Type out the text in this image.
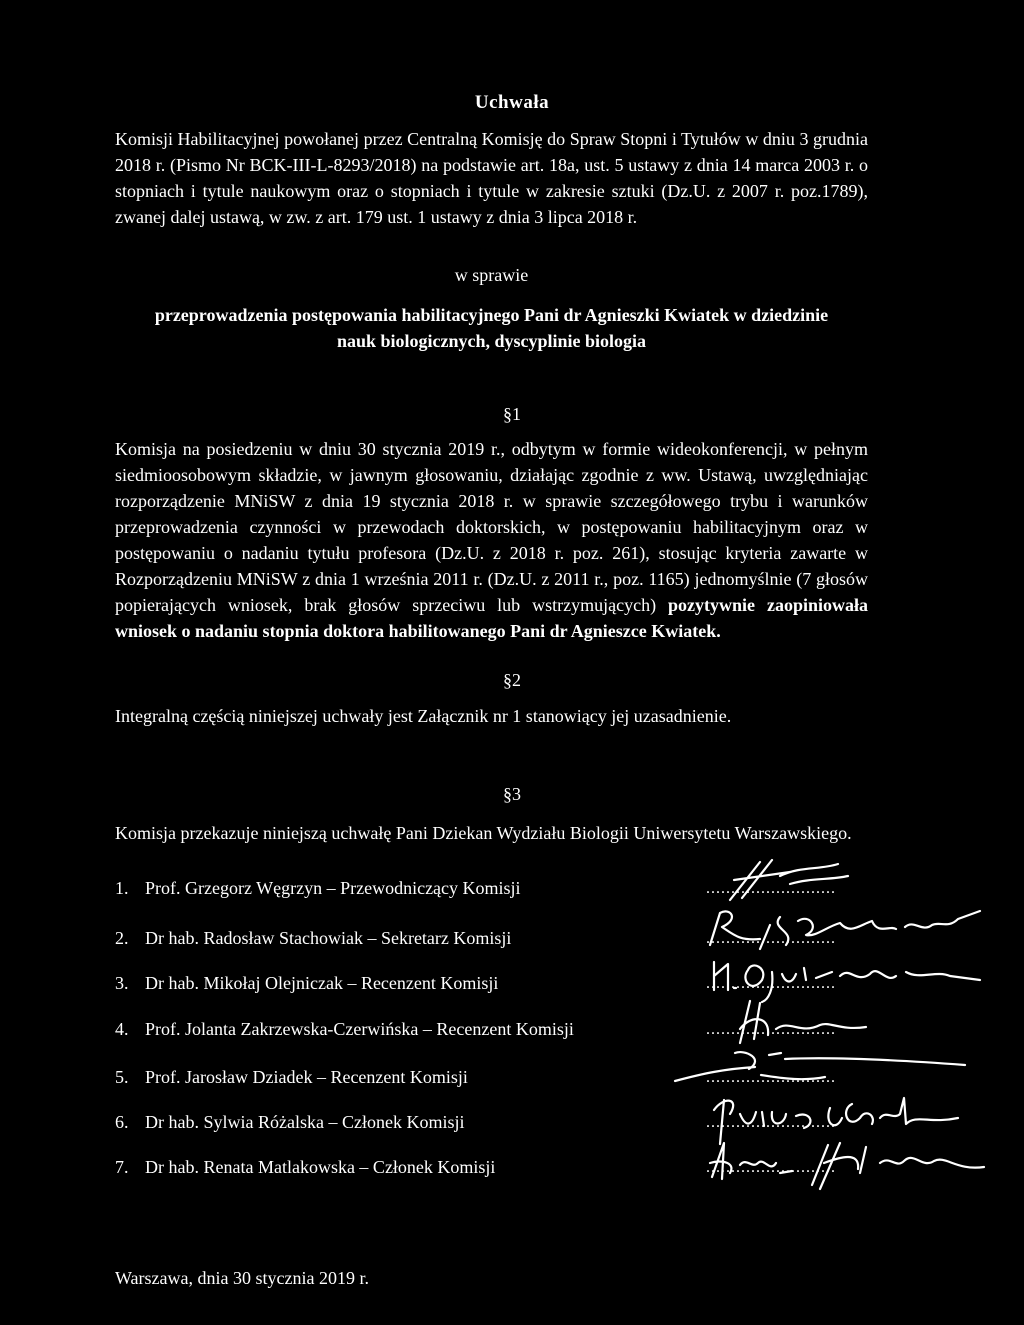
Uchwała
Komisji Habilitacyjnej powołanej przez Centralną Komisję do Spraw Stopni i Tytułów w dniu 3 grudnia 2018 r. (Pismo Nr BCK-III-L-8293/2018) na podstawie art. 18a, ust. 5 ustawy z dnia 14 marca 2003 r. o stopniach i tytule naukowym oraz o stopniach i tytule w zakresie sztuki (Dz.U. z 2007 r. poz.1789), zwanej dalej ustawą, w zw. z art. 179 ust. 1 ustawy z dnia 3 lipca 2018 r.
w sprawie
przeprowadzenia postępowania habilitacyjnego Pani dr Agnieszki Kwiatek w dziedzinie
nauk biologicznych, dyscyplinie biologia
§1
Komisja na posiedzeniu w dniu 30 stycznia 2019 r., odbytym w formie wideokonferencji, w pełnym siedmioosobowym składzie, w jawnym głosowaniu, działając zgodnie z ww. Ustawą, uwzględniając rozporządzenie MNiSW z dnia 19 stycznia 2018 r. w sprawie szczegółowego trybu i warunków przeprowadzenia czynności w przewodach doktorskich, w postępowaniu habilitacyjnym oraz w postępowaniu o nadaniu tytułu profesora (Dz.U. z 2018 r. poz. 261), stosując kryteria zawarte w Rozporządzeniu MNiSW z dnia 1 września 2011 r. (Dz.U. z 2011 r., poz. 1165) jednomyślnie (7 głosów popierających wniosek, brak głosów sprzeciwu lub wstrzymujących) pozytywnie zaopiniowała wniosek o nadaniu stopnia doktora habilitowanego Pani dr Agnieszce Kwiatek.
§2
Integralną częścią niniejszej uchwały jest Załącznik nr 1 stanowiący jej uzasadnienie.
§3
Komisja przekazuje niniejszą uchwałę Pani Dziekan Wydziału Biologii Uniwersytetu Warszawskiego.
1. Prof. Grzegorz Węgrzyn – Przewodniczący Komisji
2. Dr hab. Radosław Stachowiak – Sekretarz Komisji
3. Dr hab. Mikołaj Olejniczak – Recenzent Komisji
4. Prof. Jolanta Zakrzewska-Czerwińska – Recenzent Komisji
5. Prof. Jarosław Dziadek – Recenzent Komisji
6. Dr hab. Sylwia Różalska – Członek Komisji
7. Dr hab. Renata Matlakowska – Członek Komisji
..........................
..........................
..........................
..........................
..........................
..........................
..........................
Warszawa, dnia 30 stycznia 2019 r.
